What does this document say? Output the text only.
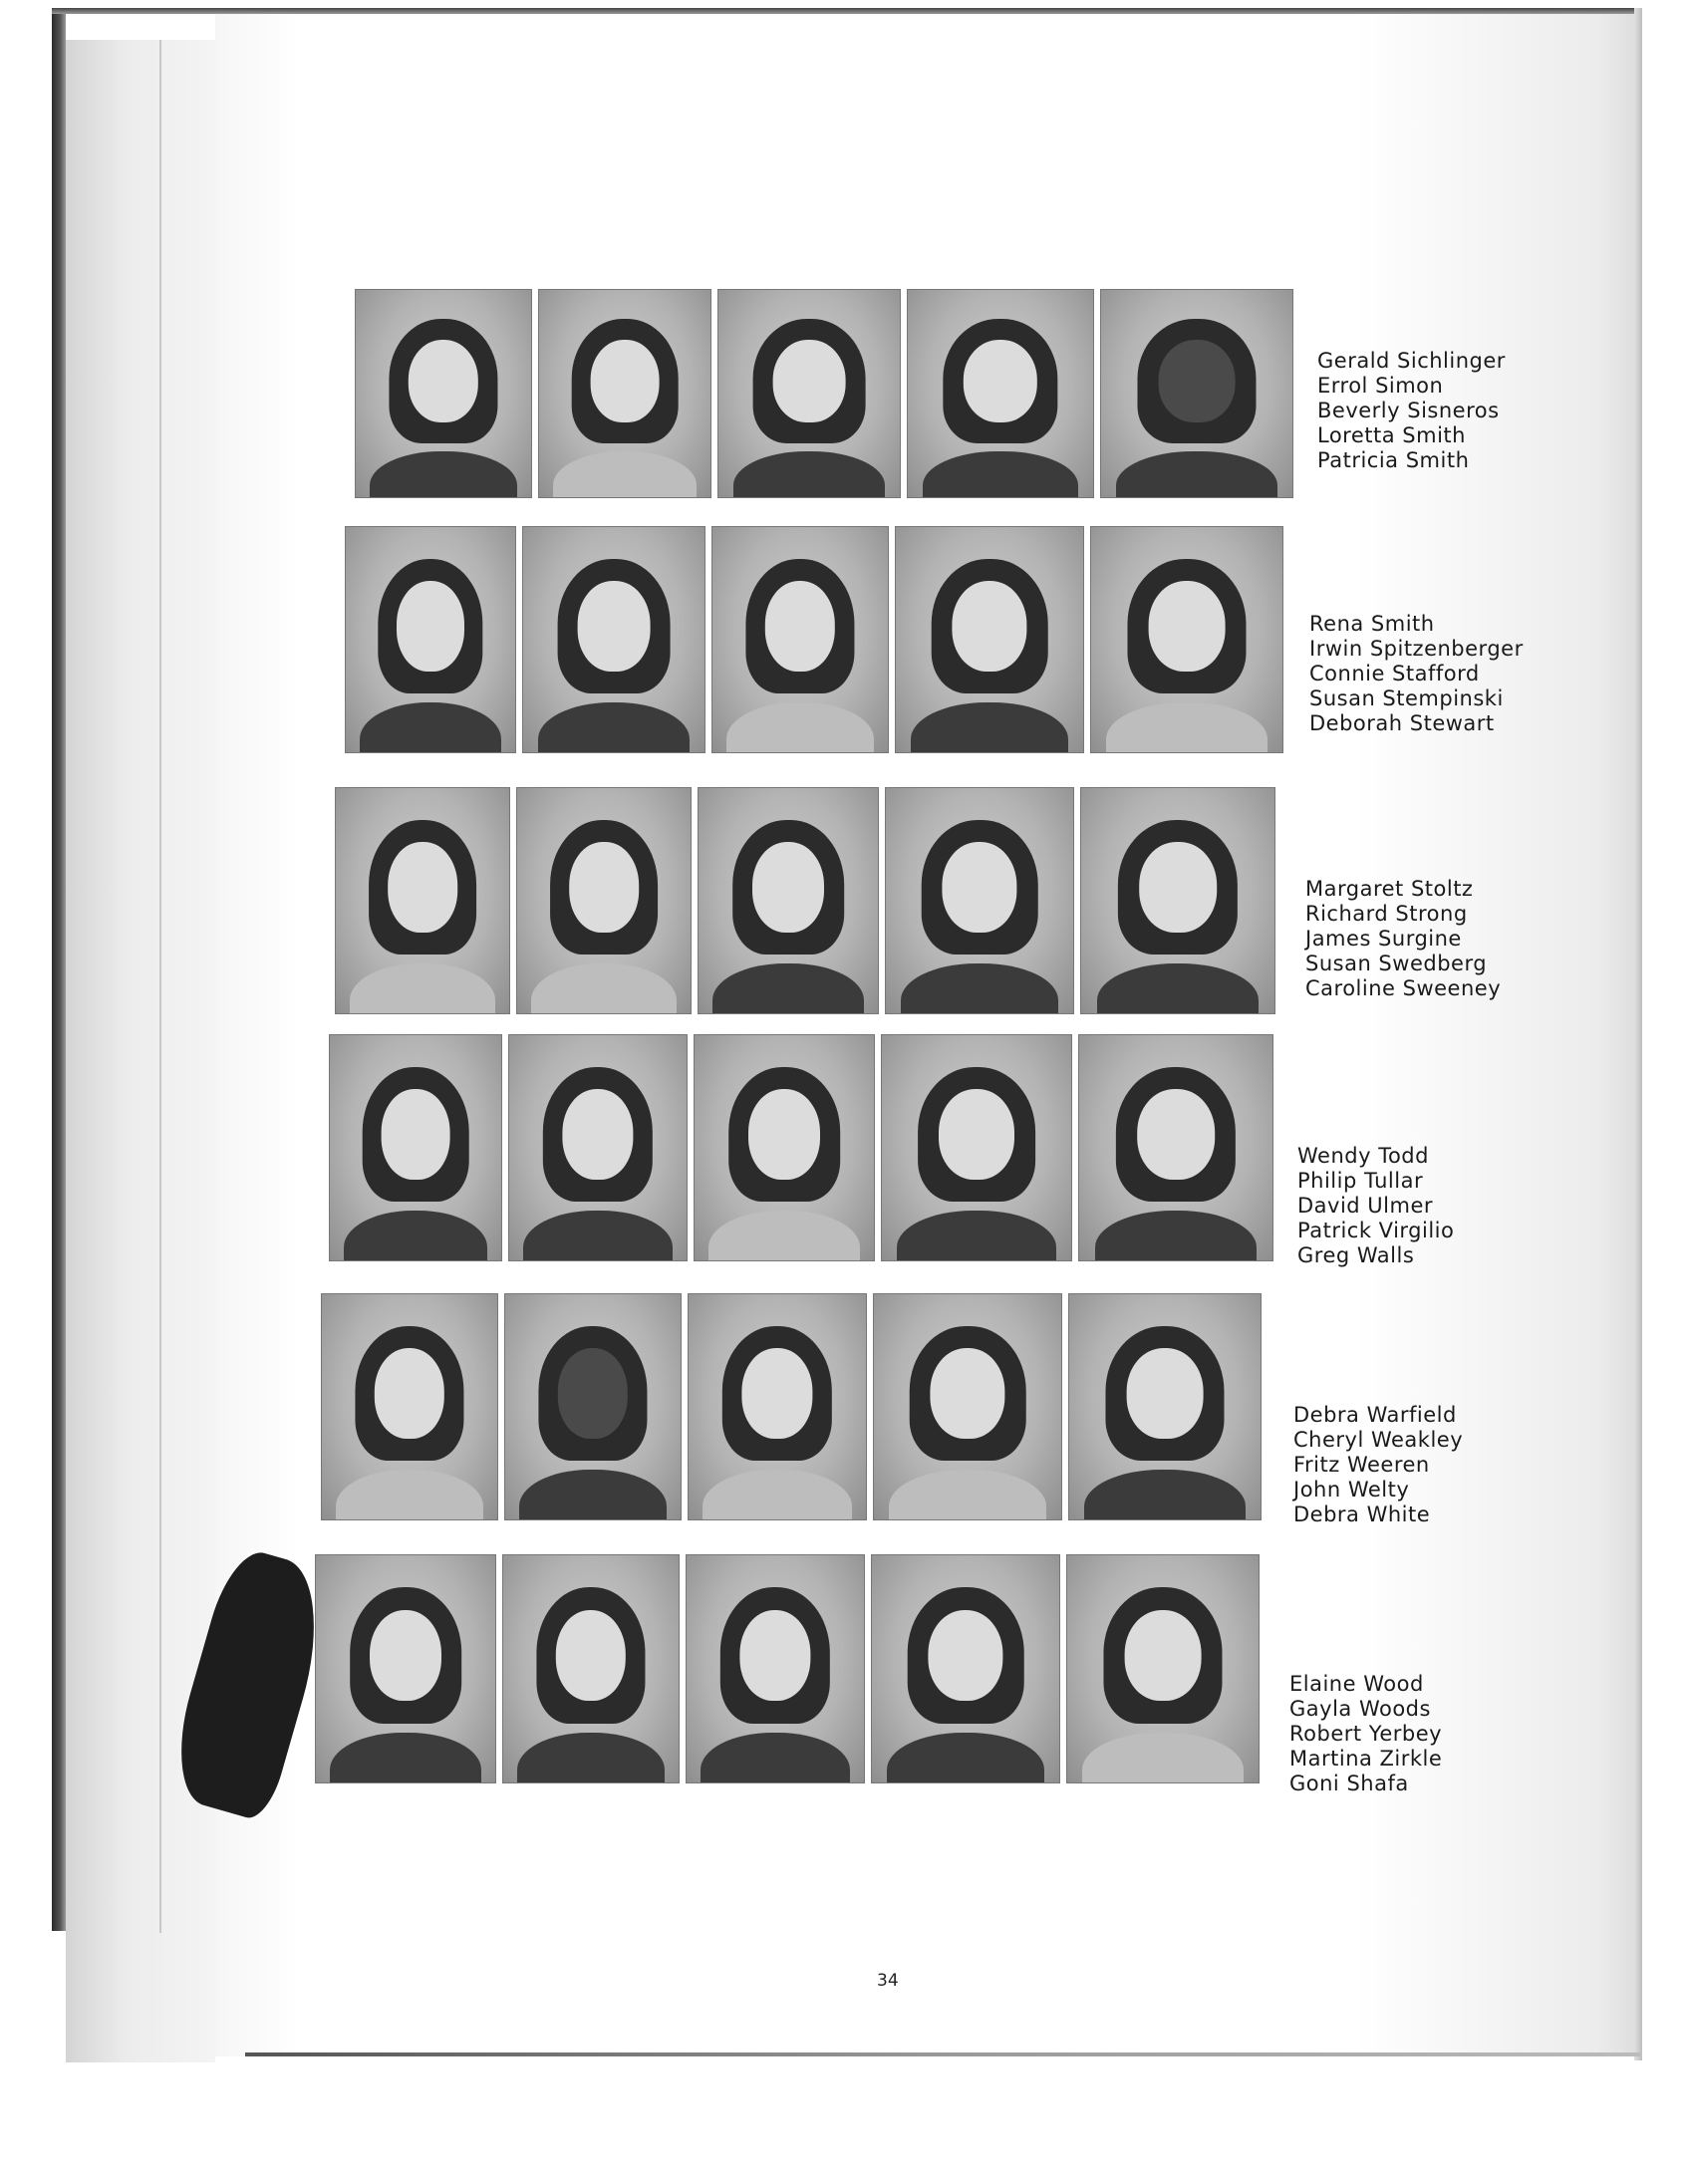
Gerald Sichlinger
Errol Simon
Beverly Sisneros
Loretta Smith
Patricia Smith
Rena Smith
Irwin Spitzenberger
Connie Stafford
Susan Stempinski
Deborah Stewart
Margaret Stoltz
Richard Strong
James Surgine
Susan Swedberg
Caroline Sweeney
Wendy Todd
Philip Tullar
David Ulmer
Patrick Virgilio
Greg Walls
Debra Warfield
Cheryl Weakley
Fritz Weeren
John Welty
Debra White
Elaine Wood
Gayla Woods
Robert Yerbey
Martina Zirkle
Goni Shafa
34
